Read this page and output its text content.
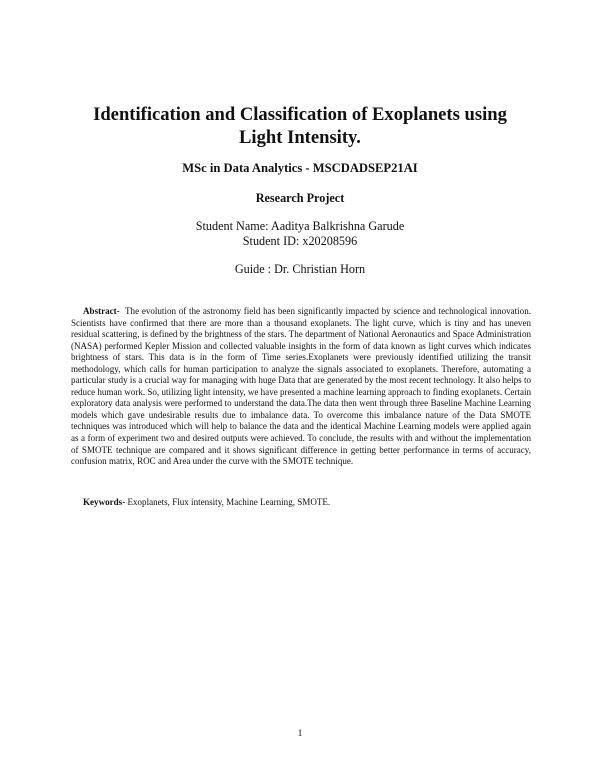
Identification and Classification of Exoplanets using
Light Intensity.
MSc in Data Analytics - MSCDADSEP21AI
Research Project
Student Name: Aaditya Balkrishna Garude
Student ID: x20208596
Guide : Dr. Christian Horn

Abstract- The evolution of the astronomy field has been significantly impacted by science and technological innovation. Scientists have confirmed that there are more than a thousand exoplanets. The light curve, which is tiny and has uneven residual scattering, is defined by the brightness of the stars. The department of National Aeronautics and Space Administration (NASA) performed Kepler Mission and collected valuable insights in the form of data known as light curves which indicates brightness of stars. This data is in the form of Time series.Exoplanets were previously identified utilizing the transit methodology, which calls for human participation to analyze the signals associated to exoplanets. Therefore, automating a particular study is a crucial way for managing with huge Data that are generated by the most recent technology. It also helps to reduce human work. So, utilizing light intensity, we have presented a machine learning approach to finding exoplanets. Certain exploratory data analysis were performed to understand the data.The data then went through three Baseline Machine Learning models which gave undesirable results due to imbalance data. To overcome this imbalance nature of the Data SMOTE techniques was introduced which will help to balance the data and the identical Machine Learning models were applied again as a form of experiment two and desired outputs were achieved. To conclude, the results with and without the implementation of SMOTE technique are compared and it shows significant difference in getting better performance in terms of accuracy, confusion matrix, ROC and Area under the curve with the SMOTE technique.

Keywords- Exoplanets, Flux intensity, Machine Learning, SMOTE.

1
